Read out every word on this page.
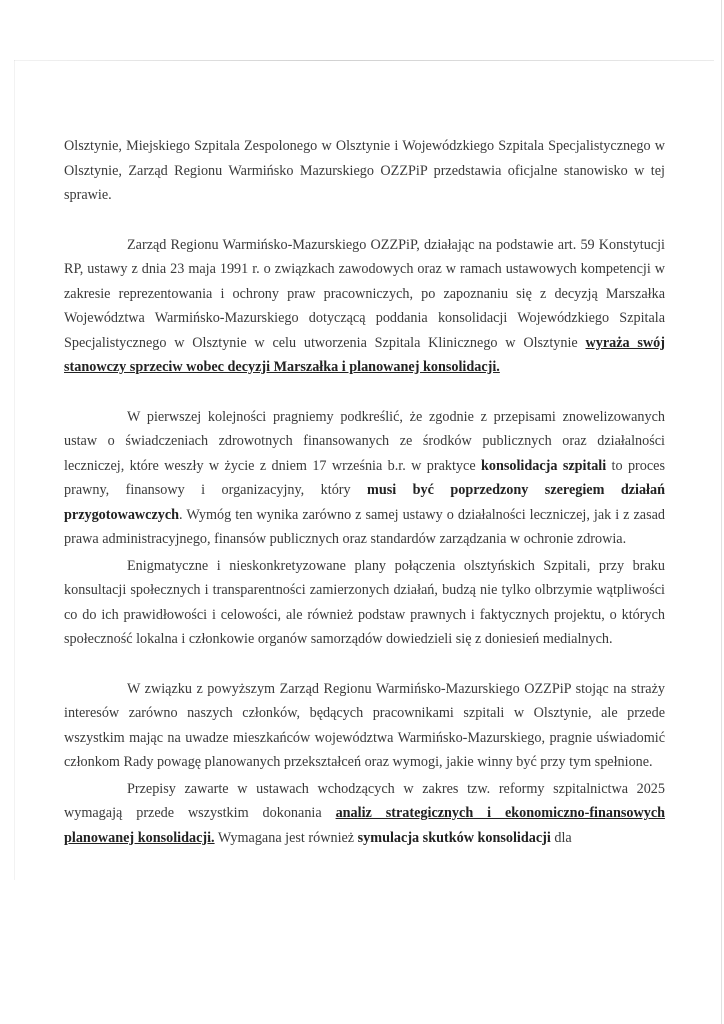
Olsztynie, Miejskiego Szpitala Zespolonego w Olsztynie i Wojewódzkiego Szpitala Specjalistycznego w Olsztynie, Zarząd Regionu Warmińsko Mazurskiego OZZPiP przedstawia oficjalne stanowisko w tej sprawie.

Zarząd Regionu Warmińsko-Mazurskiego OZZPiP, działając na podstawie art. 59 Konstytucji RP, ustawy z dnia 23 maja 1991 r. o związkach zawodowych oraz w ramach ustawowych kompetencji w zakresie reprezentowania i ochrony praw pracowniczych, po zapoznaniu się z decyzją Marszałka Województwa Warmińsko-Mazurskiego dotyczącą poddania konsolidacji Wojewódzkiego Szpitala Specjalistycznego w Olsztynie w celu utworzenia Szpitala Klinicznego w Olsztynie wyraża swój stanowczy sprzeciw wobec decyzji Marszałka i planowanej konsolidacji.

W pierwszej kolejności pragniemy podkreślić, że zgodnie z przepisami znowelizowanych ustaw o świadczeniach zdrowotnych finansowanych ze środków publicznych oraz działalności leczniczej, które weszły w życie z dniem 17 września b.r. w praktyce konsolidacja szpitali to proces prawny, finansowy i organizacyjny, który musi być poprzedzony szeregiem działań przygotowawczych. Wymóg ten wynika zarówno z samej ustawy o działalności leczniczej, jak i z zasad prawa administracyjnego, finansów publicznych oraz standardów zarządzania w ochronie zdrowia.

Enigmatyczne i nieskonkretyzowane plany połączenia olsztyńskich Szpitali, przy braku konsultacji społecznych i transparentności zamierzonych działań, budzą nie tylko olbrzymie wątpliwości co do ich prawidłowości i celowości, ale również podstaw prawnych i faktycznych projektu, o których społeczność lokalna i członkowie organów samorządów dowiedzieli się z doniesień medialnych.

W związku z powyższym Zarząd Regionu Warmińsko-Mazurskiego OZZPiP stojąc na straży interesów zarówno naszych członków, będących pracownikami szpitali w Olsztynie, ale przede wszystkim mając na uwadze mieszkańców województwa Warmińsko-Mazurskiego, pragnie uświadomić członkom Rady powagę planowanych przekształceń oraz wymogi, jakie winny być przy tym spełnione.

Przepisy zawarte w ustawach wchodzących w zakres tzw. reformy szpitalnictwa 2025 wymagają przede wszystkim dokonania analiz strategicznych i ekonomiczno-finansowych planowanej konsolidacji. Wymagana jest również symulacja skutków konsolidacji dla
